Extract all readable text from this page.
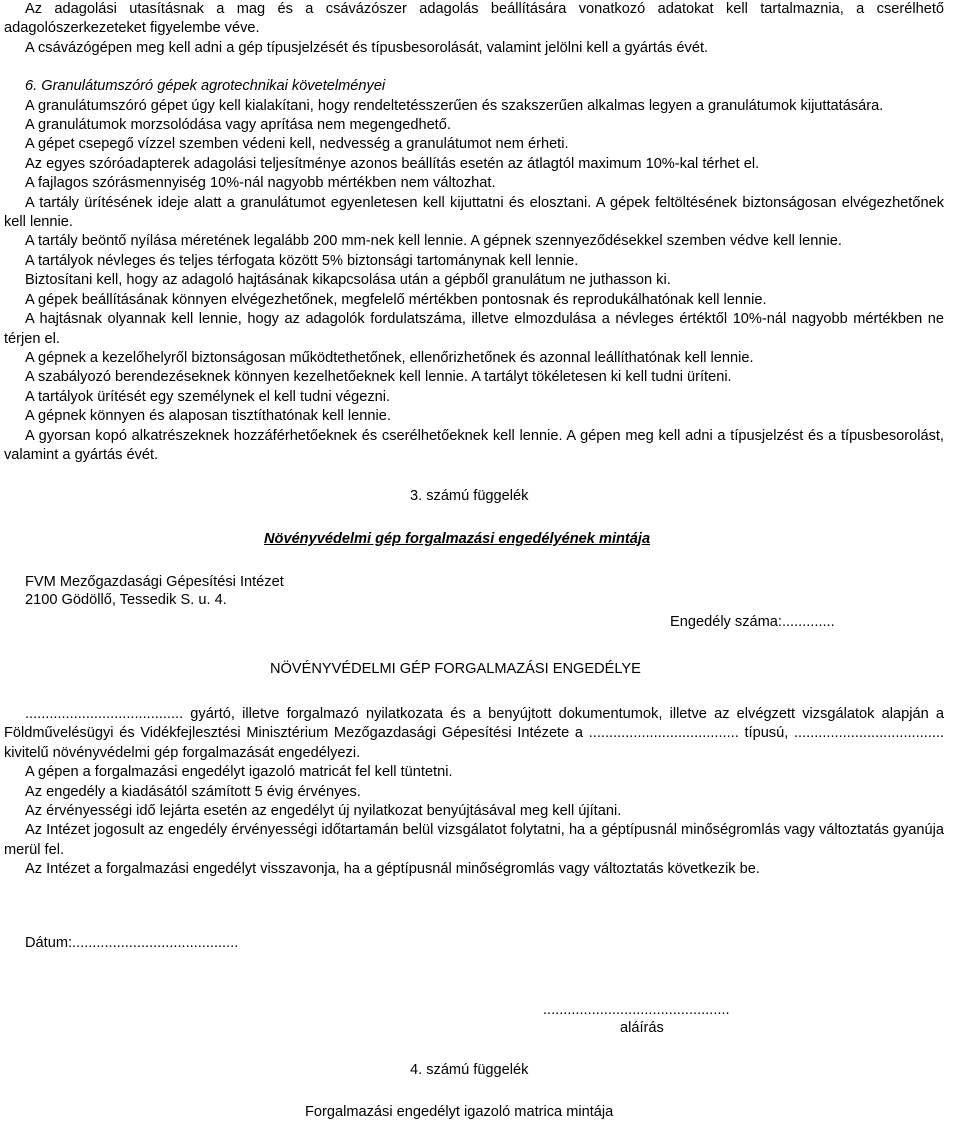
Az adagolási utasításnak a mag és a csávázószer adagolás beállítására vonatkozó adatokat kell tartalmaznia, a cserélhető adagolószerkezeteket figyelembe véve.

A csávázógépen meg kell adni a gép típusjelzését és típusbesorolását, valamint jelölni kell a gyártás évét.

6. Granulátumszóró gépek agrotechnikai követelményei

A granulátumszóró gépet úgy kell kialakítani, hogy rendeltetésszerűen és szakszerűen alkalmas legyen a granulátumok kijuttatására.

A granulátumok morzsolódása vagy aprítása nem megengedhető.

A gépet csepegő vízzel szemben védeni kell, nedvesség a granulátumot nem érheti.

Az egyes szóróadapterek adagolási teljesítménye azonos beállítás esetén az átlagtól maximum 10%-kal térhet el.

A fajlagos szórásmennyiség 10%-nál nagyobb mértékben nem változhat.

A tartály ürítésének ideje alatt a granulátumot egyenletesen kell kijuttatni és elosztani. A gépek feltöltésének biztonságosan elvégezhetőnek kell lennie.

A tartály beöntő nyílása méretének legalább 200 mm-nek kell lennie. A gépnek szennyeződésekkel szemben védve kell lennie.

A tartályok névleges és teljes térfogata között 5% biztonsági tartománynak kell lennie.

Biztosítani kell, hogy az adagoló hajtásának kikapcsolása után a gépből granulátum ne juthasson ki.

A gépek beállításának könnyen elvégezhetőnek, megfelelő mértékben pontosnak és reprodukálhatónak kell lennie.

A hajtásnak olyannak kell lennie, hogy az adagolók fordulatszáma, illetve elmozdulása a névleges értéktől 10%-nál nagyobb mértékben ne térjen el.

A gépnek a kezelőhelyről biztonságosan működtethetőnek, ellenőrizhetőnek és azonnal leállíthatónak kell lennie.

A szabályozó berendezéseknek könnyen kezelhetőeknek kell lennie. A tartályt tökéletesen ki kell tudni üríteni.

A tartályok ürítését egy személynek el kell tudni végezni.

A gépnek könnyen és alaposan tisztíthatónak kell lennie.

A gyorsan kopó alkatrészeknek hozzáférhetőeknek és cserélhetőeknek kell lennie. A gépen meg kell adni a típusjelzést és a típusbesorolást, valamint a gyártás évét.

3. számú függelék
Növényvédelmi gép forgalmazási engedélyének mintája
FVM Mezőgazdasági Gépesítési Intézet
2100 Gödöllő, Tessedik S. u. 4.
Engedély száma:.............
NÖVÉNYVÉDELMI GÉP FORGALMAZÁSI ENGEDÉLYE

....................................... gyártó, illetve forgalmazó nyilatkozata és a benyújtott dokumentumok, illetve az elvégzett vizsgálatok alapján a Földművelésügyi és Vidékfejlesztési Minisztérium Mezőgazdasági Gépesítési Intézete a ..................................... típusú, ..................................... kivitelű növényvédelmi gép forgalmazását engedélyezi.

A gépen a forgalmazási engedélyt igazoló matricát fel kell tüntetni.

Az engedély a kiadásától számított 5 évig érvényes.

Az érvényességi idő lejárta esetén az engedélyt új nyilatkozat benyújtásával meg kell újítani.

Az Intézet jogosult az engedély érvényességi időtartamán belül vizsgálatot folytatni, ha a géptípusnál minőségromlás vagy változtatás gyanúja merül fel.

Az Intézet a forgalmazási engedélyt visszavonja, ha a géptípusnál minőségromlás vagy változtatás következik be.

Dátum:.........................................
..............................................
aláírás
4. számú függelék
Forgalmazási engedélyt igazoló matrica mintája
